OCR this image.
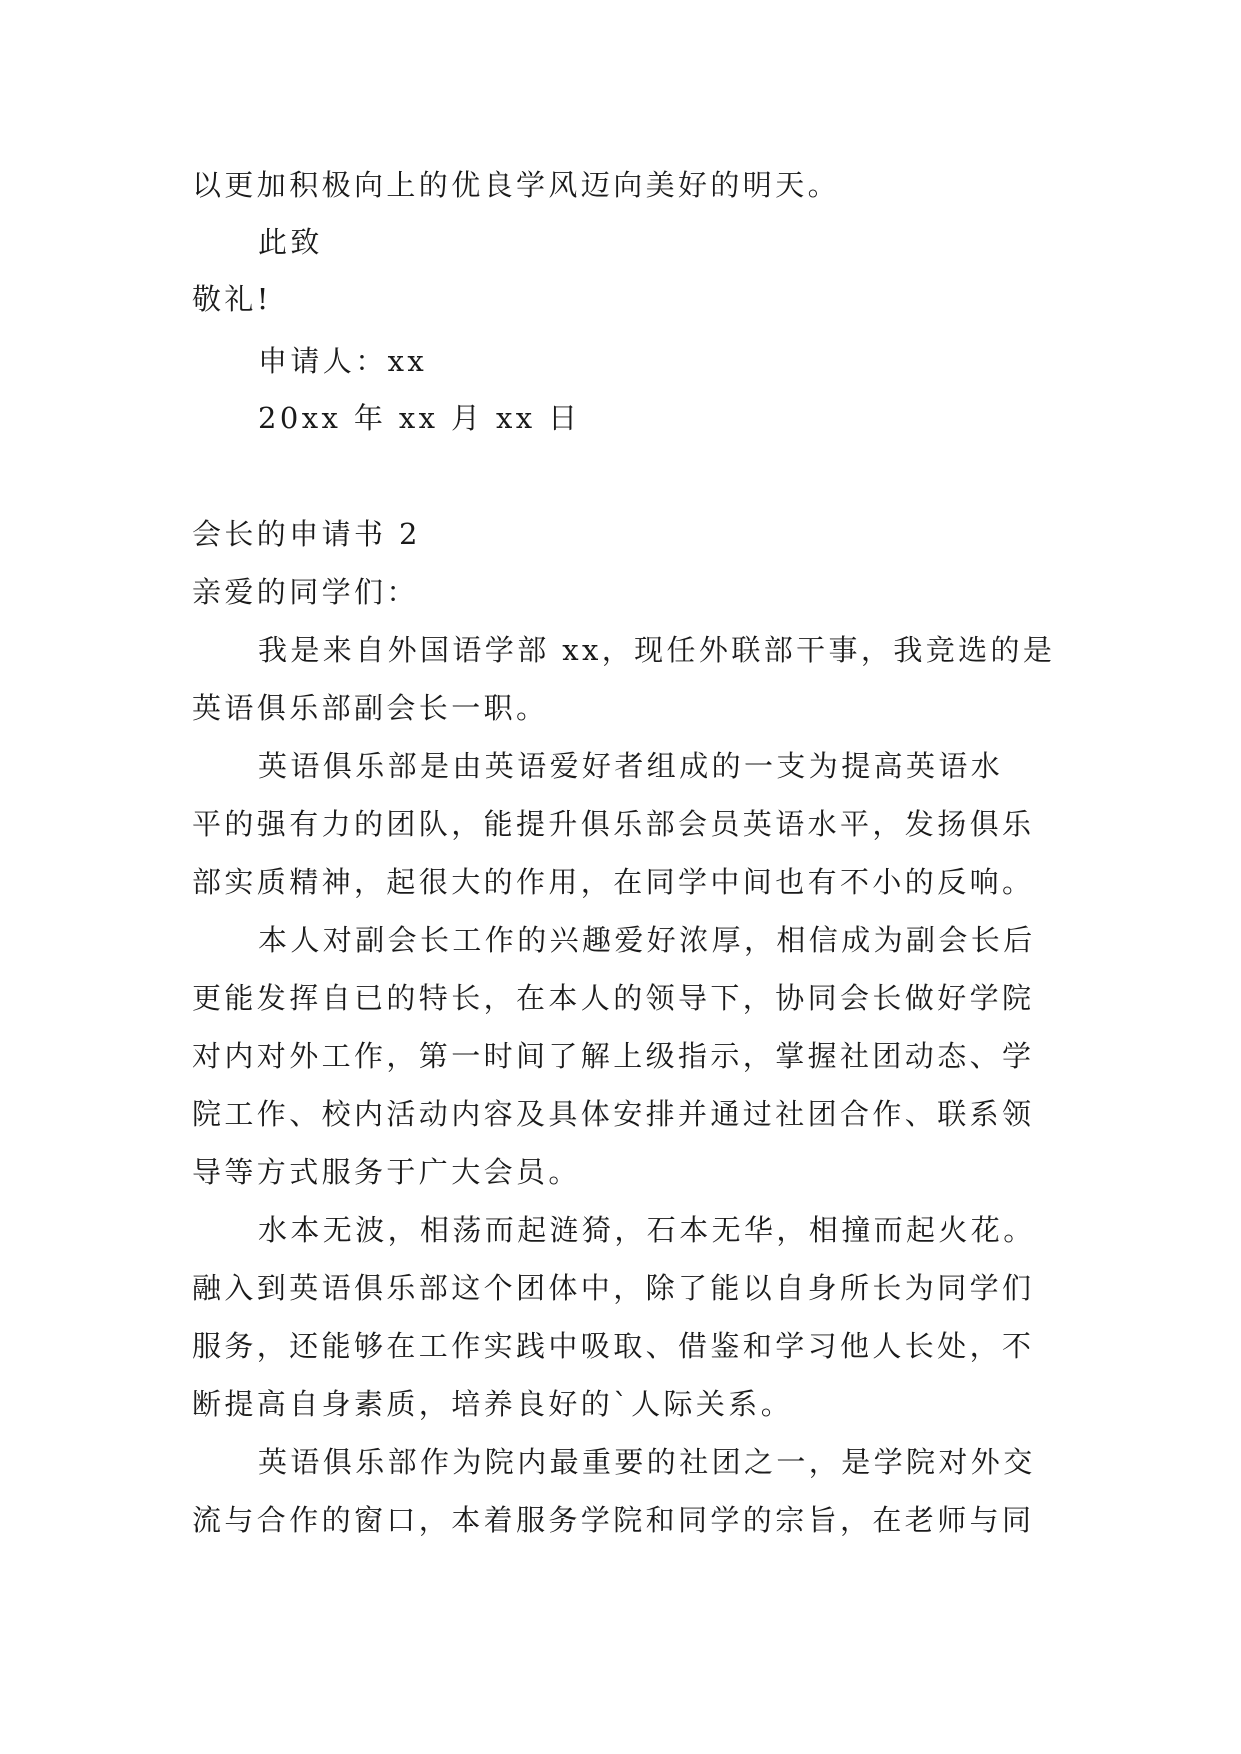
以更加积极向上的优良学风迈向美好的明天。
此致
敬礼!
申请人：xx
20xx 年 xx 月 xx 日
会长的申请书 2
亲爱的同学们：
我是来自外国语学部 xx，现任外联部干事，我竞选的是
英语俱乐部副会长一职。
英语俱乐部是由英语爱好者组成的一支为提高英语水
平的强有力的团队，能提升俱乐部会员英语水平，发扬俱乐
部实质精神，起很大的作用，在同学中间也有不小的反响。
本人对副会长工作的兴趣爱好浓厚，相信成为副会长后
更能发挥自已的特长，在本人的领导下，协同会长做好学院
对内对外工作，第一时间了解上级指示，掌握社团动态、学
院工作、校内活动内容及具体安排并通过社团合作、联系领
导等方式服务于广大会员。
水本无波，相荡而起涟猗，石本无华，相撞而起火花。
融入到英语俱乐部这个团体中，除了能以自身所长为同学们
服务，还能够在工作实践中吸取、借鉴和学习他人长处，不
断提高自身素质，培养良好的`人际关系。
英语俱乐部作为院内最重要的社团之一，是学院对外交
流与合作的窗口，本着服务学院和同学的宗旨，在老师与同
